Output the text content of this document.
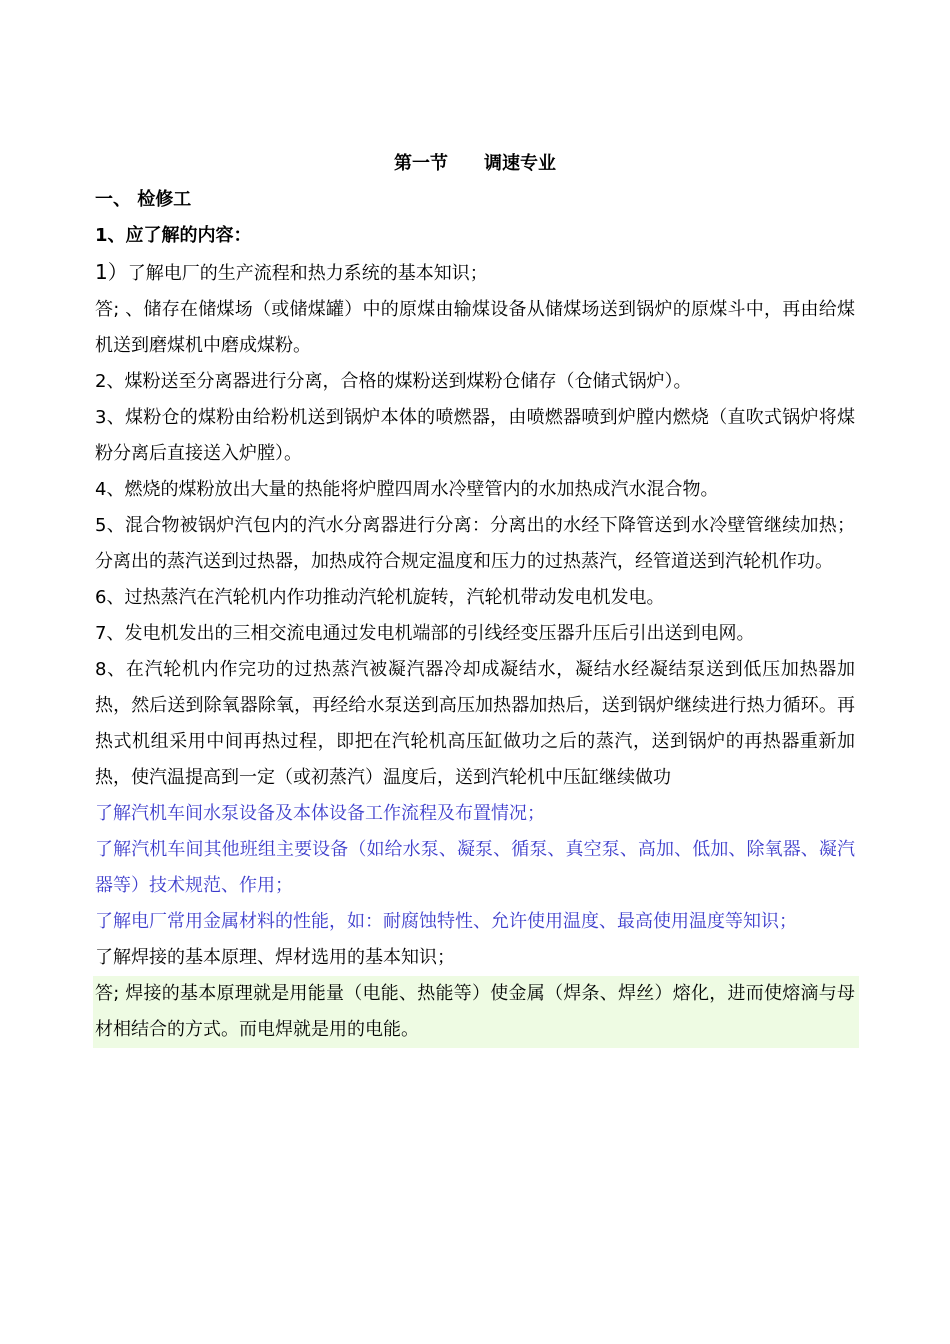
第一节　　调速专业

一、 检修工

1、应了解的内容：

1）了解电厂的生产流程和热力系统的基本知识；

答; 、储存在储煤场（或储煤罐）中的原煤由输煤设备从储煤场送到锅炉的原煤斗中，再由给煤机送到磨煤机中磨成煤粉。

2、煤粉送至分离器进行分离，合格的煤粉送到煤粉仓储存（仓储式锅炉）。

3、煤粉仓的煤粉由给粉机送到锅炉本体的喷燃器，由喷燃器喷到炉膛内燃烧（直吹式锅炉将煤粉分离后直接送入炉膛）。

4、燃烧的煤粉放出大量的热能将炉膛四周水冷壁管内的水加热成汽水混合物。

5、混合物被锅炉汽包内的汽水分离器进行分离：分离出的水经下降管送到水冷壁管继续加热；分离出的蒸汽送到过热器，加热成符合规定温度和压力的过热蒸汽，经管道送到汽轮机作功。

6、过热蒸汽在汽轮机内作功推动汽轮机旋转，汽轮机带动发电机发电。

7、发电机发出的三相交流电通过发电机端部的引线经变压器升压后引出送到电网。

8、在汽轮机内作完功的过热蒸汽被凝汽器冷却成凝结水，凝结水经凝结泵送到低压加热器加热，然后送到除氧器除氧，再经给水泵送到高压加热器加热后，送到锅炉继续进行热力循环。再热式机组采用中间再热过程，即把在汽轮机高压缸做功之后的蒸汽，送到锅炉的再热器重新加热，使汽温提高到一定（或初蒸汽）温度后，送到汽轮机中压缸继续做功

了解汽机车间水泵设备及本体设备工作流程及布置情况；

了解汽机车间其他班组主要设备（如给水泵、凝泵、循泵、真空泵、高加、低加、除氧器、凝汽器等）技术规范、作用；

了解电厂常用金属材料的性能，如：耐腐蚀特性、允许使用温度、最高使用温度等知识；

了解焊接的基本原理、焊材选用的基本知识；

答; 焊接的基本原理就是用能量（电能、热能等）使金属（焊条、焊丝）熔化，进而使熔滴与母材相结合的方式。而电焊就是用的电能。
